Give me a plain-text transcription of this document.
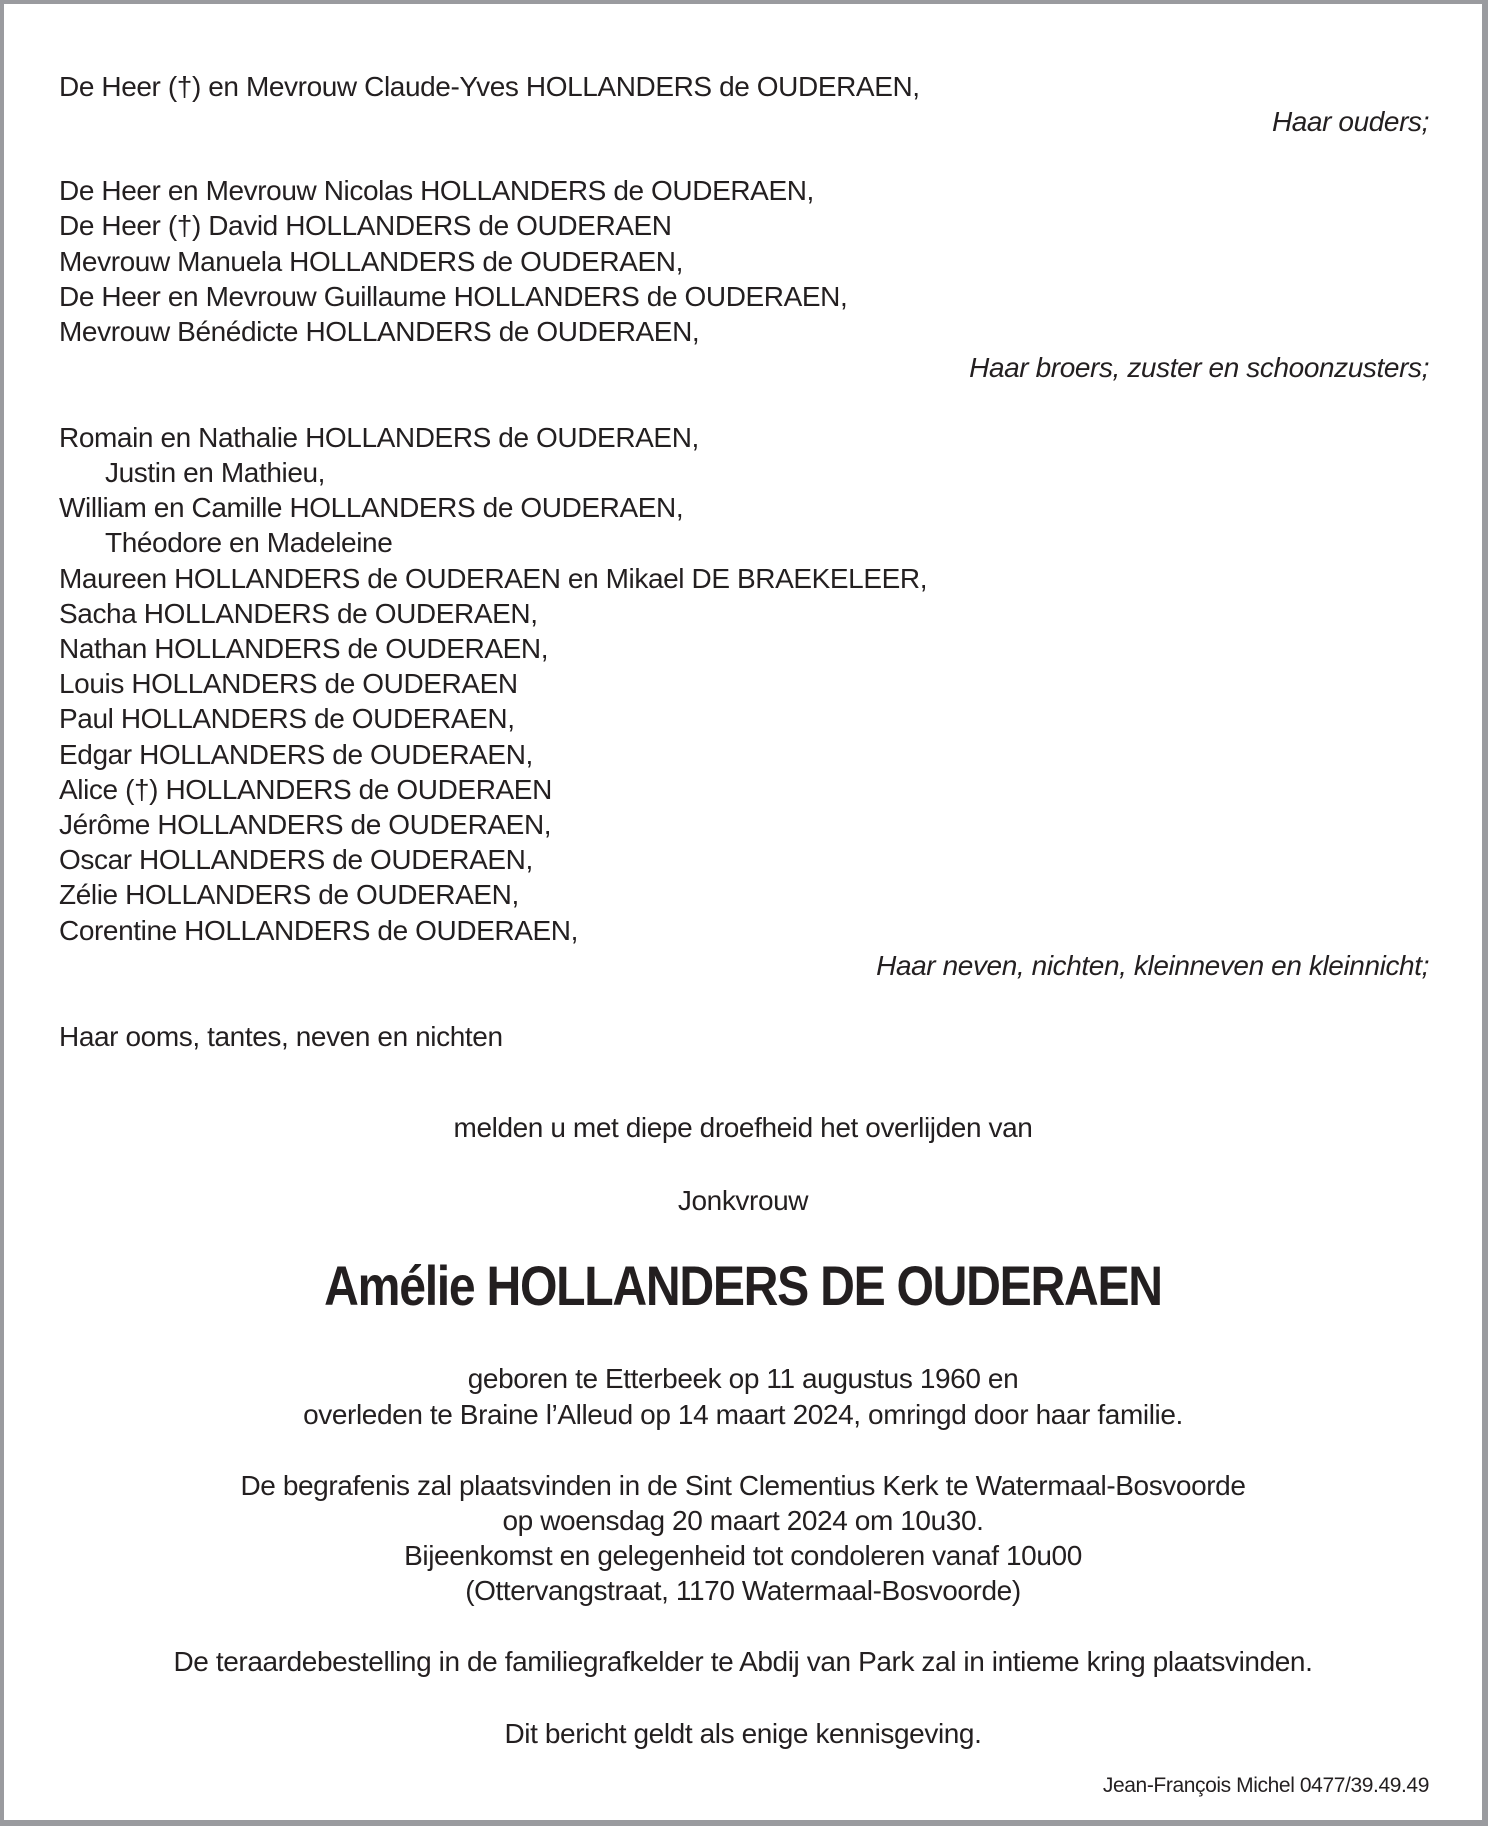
De Heer (†) en Mevrouw Claude-Yves HOLLANDERS de OUDERAEN,
Haar ouders;
De Heer en Mevrouw Nicolas HOLLANDERS de OUDERAEN,
De Heer (†) David HOLLANDERS de OUDERAEN
Mevrouw Manuela HOLLANDERS de OUDERAEN,
De Heer en Mevrouw Guillaume HOLLANDERS de OUDERAEN,
Mevrouw Bénédicte HOLLANDERS de OUDERAEN,
Haar broers, zuster en schoonzusters;
Romain en Nathalie HOLLANDERS de OUDERAEN,
Justin en Mathieu,
William en Camille HOLLANDERS de OUDERAEN,
Théodore en Madeleine
Maureen HOLLANDERS de OUDERAEN en Mikael DE BRAEKELEER,
Sacha HOLLANDERS de OUDERAEN,
Nathan HOLLANDERS de OUDERAEN,
Louis HOLLANDERS de OUDERAEN
Paul HOLLANDERS de OUDERAEN,
Edgar HOLLANDERS de OUDERAEN,
Alice (†) HOLLANDERS de OUDERAEN
Jérôme HOLLANDERS de OUDERAEN,
Oscar HOLLANDERS de OUDERAEN,
Zélie HOLLANDERS de OUDERAEN,
Corentine HOLLANDERS de OUDERAEN,
Haar neven, nichten, kleinneven en kleinnicht;
Haar ooms, tantes, neven en nichten
melden u met diepe droefheid het overlijden van
Jonkvrouw
Amélie HOLLANDERS DE OUDERAEN
geboren te Etterbeek op 11 augustus 1960 en
overleden te Braine l’Alleud op 14 maart 2024, omringd door haar familie.
De begrafenis zal plaatsvinden in de Sint Clementius Kerk te Watermaal-Bosvoorde
op woensdag 20 maart 2024 om 10u30.
Bijeenkomst en gelegenheid tot condoleren vanaf 10u00
(Ottervangstraat, 1170 Watermaal-Bosvoorde)
De teraardebestelling in de familiegrafkelder te Abdij van Park zal in intieme kring plaatsvinden.
Dit bericht geldt als enige kennisgeving.
Jean-François Michel 0477/39.49.49
